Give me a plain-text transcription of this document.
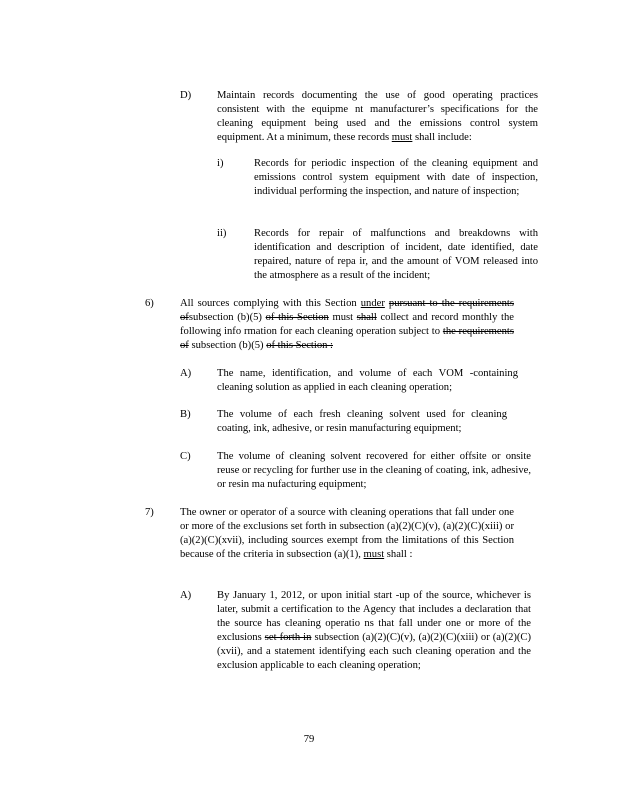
D) Maintain records documenting the use of good operating practices consistent with the equipme nt manufacturer’s specifications for the cleaning equipment being used and the emissions control system equipment. At a minimum, these records must shall include:
i)	Records for periodic inspection of the cleaning equipment and emissions control system equipment with date of inspection, individual performing the inspection, and nature of inspection;
ii)	Records for repair of malfunctions and breakdowns with identification and description of incident, date identified, date repaired, nature of repa ir, and the amount of VOM released into the atmosphere as a result of the incident;
6) All sources complying with this Section under pursuant to the requirements ofsubsection (b)(5) of this Section must shall collect and record monthly the following info rmation for each cleaning operation subject to the requirements of subsection (b)(5) of this Section :
A) The name, identification, and volume of each VOM -containing cleaning solution as applied in each cleaning operation;
B) The volume of each fresh cleaning solvent used for cleaning coating, ink, adhesive, or resin manufacturing equipment;
C) The volume of cleaning solvent recovered for either offsite or onsite reuse or recycling for further use in the cleaning of coating, ink, adhesive, or resin ma nufacturing equipment;
7) The owner or operator of a source with cleaning operations that fall under one or more of the exclusions set forth in subsection (a)(2)(C)(v), (a)(2)(C)(xiii) or (a)(2)(C)(xvii), including sources exempt from the limitations of this Section because of the criteria in subsection (a)(1), must shall :
A) By January 1, 2012, or upon initial start -up of the source, whichever is later, submit a certification to the Agency that includes a declaration that the source has cleaning operatio ns that fall under one or more of the exclusions set forth in subsection (a)(2)(C)(v), (a)(2)(C)(xiii) or (a)(2)(C)(xvii), and a statement identifying each such cleaning operation and the exclusion applicable to each cleaning operation;
79
